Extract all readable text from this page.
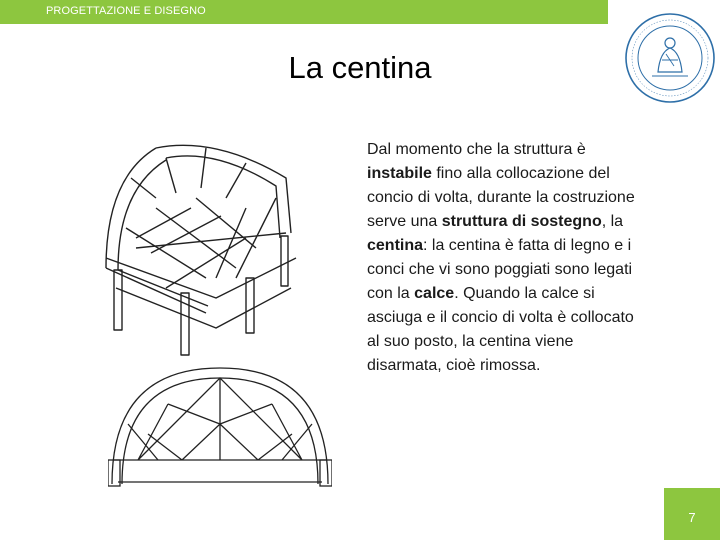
PROGETTAZIONE E DISEGNO
La centina
Dal momento che la struttura è instabile fino alla collocazione del concio di volta, durante la costruzione serve una struttura di sostegno, la centina: la centina è fatta di legno e i conci che vi sono poggiati sono legati con la calce. Quando la calce si asciuga e il concio di volta è collocato al suo posto, la centina viene disarmata, cioè rimossa.
7
